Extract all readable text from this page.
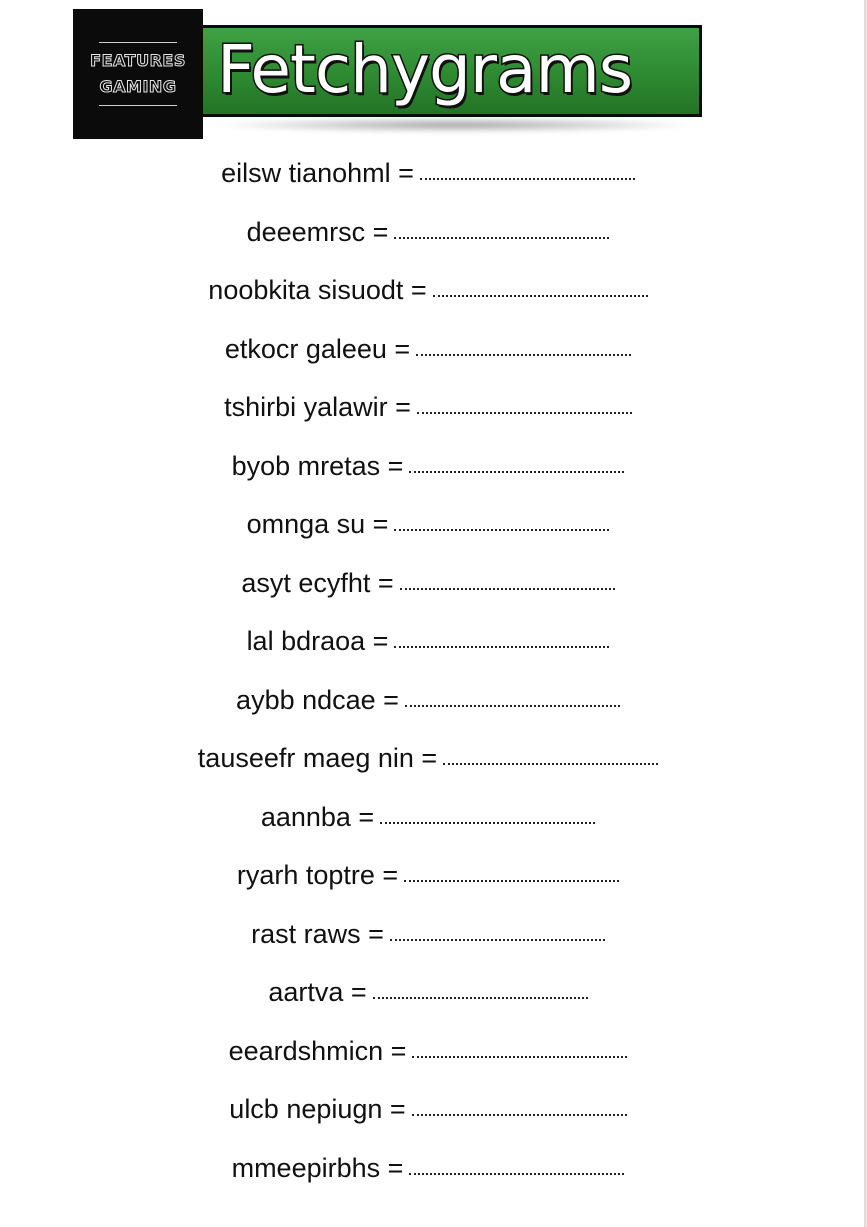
Fetchygrams
FEATURES
GAMING
eilsw tianohml =
deeemrsc =
noobkita sisuodt =
etkocr galeeu =
tshirbi yalawir =
byob mretas =
omnga su =
asyt ecyfht =
lal bdraoa =
aybb ndcae =
tauseefr maeg nin =
aannba =
ryarh toptre =
rast raws =
aartva =
eeardshmicn =
ulcb nepiugn =
mmeepirbhs =
